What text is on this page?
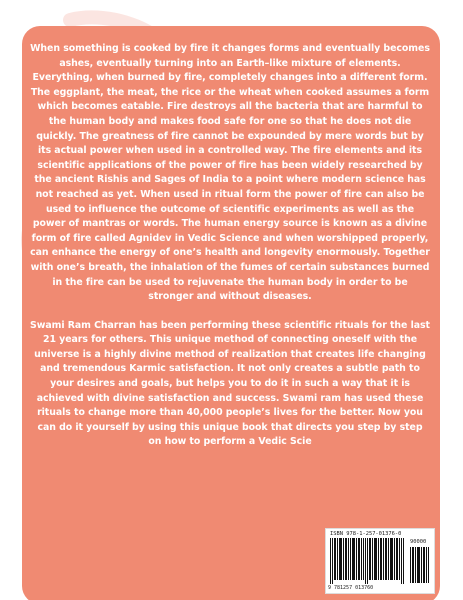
When something is cooked by fire it changes forms and eventually becomes ashes, eventually turning into an Earth–like mixture of elements. Everything, when burned by fire, completely changes into a different form. The eggplant, the meat, the rice or the wheat when cooked assumes a form which becomes eatable. Fire destroys all the bacteria that are harmful to the human body and makes food safe for one so that he does not die quickly. The greatness of fire cannot be expounded by mere words but by its actual power when used in a controlled way. The fire elements and its scientific applications of the power of fire has been widely researched by the ancient Rishis and Sages of India to a point where modern science has not reached as yet. When used in ritual form the power of fire can also be used to influence the outcome of scientific experiments as well as the power of mantras or words. The human energy source is known as a divine form of fire called Agnidev in Vedic Science and when worshipped properly, can enhance the energy of one’s health and longevity enormously. Together with one’s breath, the inhalation of the fumes of certain substances burned in the fire can be used to rejuvenate the human body in order to be stronger and without diseases.

Swami Ram Charran has been performing these scientific rituals for the last 21 years for others. This unique method of connecting oneself with the universe is a highly divine method of realization that creates life changing and tremendous Karmic satisfaction. It not only creates a subtle path to your desires and goals, but helps you to do it in such a way that it is achieved with divine satisfaction and success. Swami ram has used these rituals to change more than 40,000 people’s lives for the better. Now you can do it yourself by using this unique book that directs you step by step on how to perform a Vedic Scie

ISBN 978-1-257-01376-0
90000
9 781257 013760
